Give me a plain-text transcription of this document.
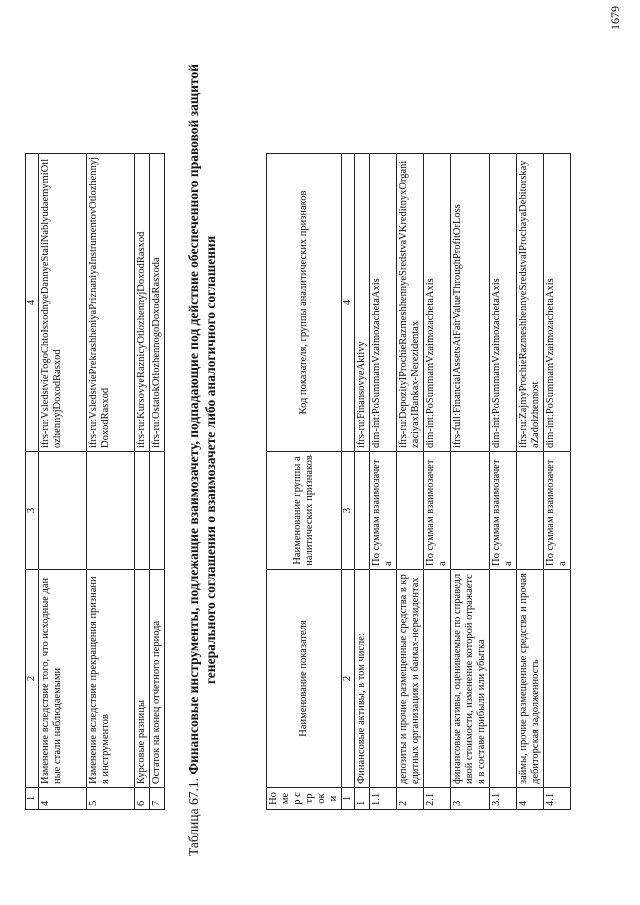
1	2	3	4
4	Изменение вследствие того, что исходные данные стали наблюдаемыми		ifrs-ru:VsledstvieTogoChtoIsxodnyeDannyeStaliNablyudaemymiOtlozhennyjDoxodRasxod
5	Изменение вследствие прекращения признания инструментов		ifrs-ru:VsledstviePrekrashheniyaPriznaniyaInstrumentovOtlozhennyjDoxodRasxod
6	Курсовые разницы		ifrs-ru:KursovyeRaznicyOtlozhennyjDoxodRasxod
7	Остаток на конец отчетного периода		ifrs-ru:OstatokOtlozhennogoDoxodaRasxoda
Таблица 67.1. Финансовые инструменты, подлежащие взаимозачету, подпадающие под действие обеспеченного правовой защитой генерального соглашения о взаимозачете либо аналогичного соглашения
Номер строки	Наименование показателя	Наименование группы аналитических признаков	Код показателя, группы аналитических признаков
1	2	3	4
1	Финансовые активы, в том числе:		ifrs-ru:FinansovyeAktivy
1.1		По суммам взаимозачета	dim-int:PoSummamVzaimozachetaAxis
2	депозиты и прочие размещенные средства в кредитных организациях и банках-нерезидентах		ifrs-ru:DepozityIProchieRazmeshhennyeSredstvaVKreditnyxOrganizaciyaxIBankax-Nerezidentax
2.1		По суммам взаимозачета	dim-int:PoSummamVzaimozachetaAxis
3	финансовые активы, оцениваемые по справедливой стоимости, изменение которой отражается в составе прибыли или убытка		ifrs-full:FinancialAssetsAtFairValueThroughProfitOrLoss
3.1		По суммам взаимозачета	dim-int:PoSummamVzaimozachetaAxis
4	займы, прочие размещенные средства и прочая дебиторская задолженность		ifrs-ru:ZajmyProchieRazmeshhennyeSredstvaIProchayaDebitorskayaZadolzhennost
4.1		По суммам взаимозачета	dim-int:PoSummamVzaimozachetaAxis
1679
